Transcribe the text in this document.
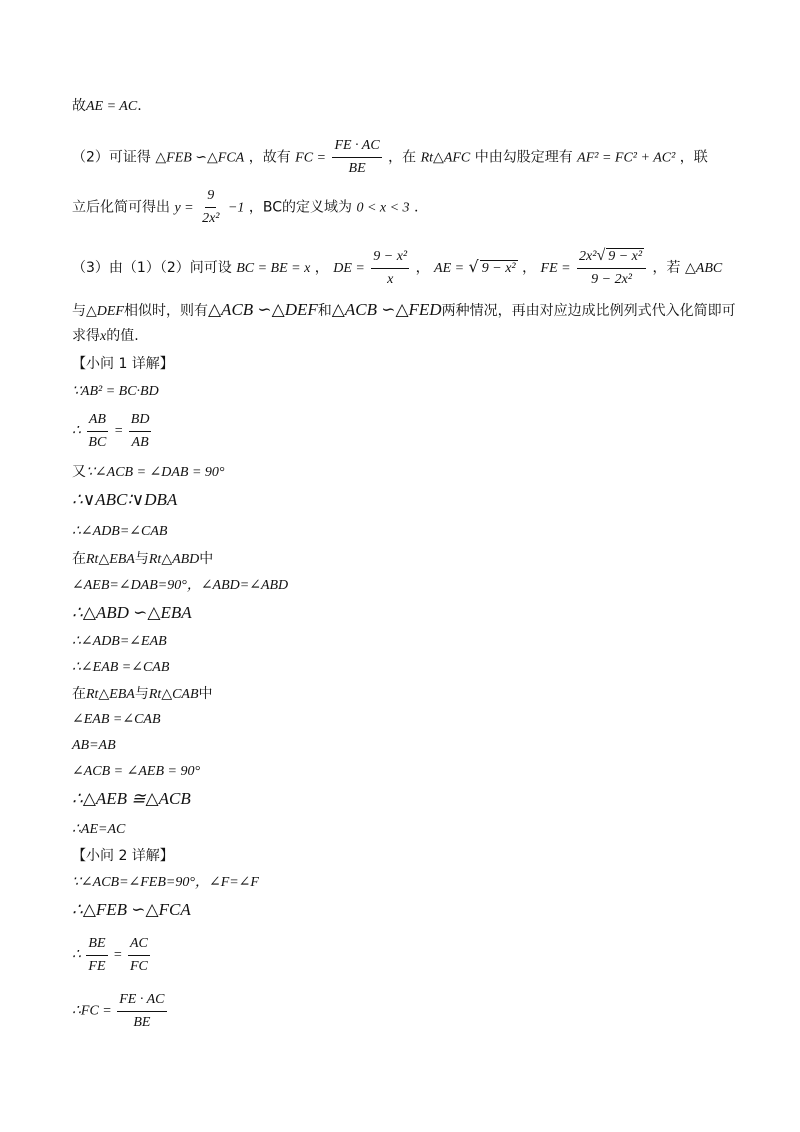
故AE = AC.
（2）可证得 △FEB ∽△FCA ，故有 FC = $\frac{FE \cdot AC}{BE}$ ，在 Rt△AFC 中由勾股定理有 AF² = FC² + AC² ，联
立后化简可得出 $y = \frac{9}{\text{2x²}} -1$ ，BC的定义域为 0 < x < 3 .
（3）由（1）（2）问可设 BC = BE = x ， DE = $\frac{\text{9 − x²}}{x}$ ， AE = √ 9 − x² ， FE = $\frac{\text{2x²√ 9 − x²}}{\text{9 − 2x²}}$ ，若 △ABC
与△DEF相似时，则有△ACB ∽△DEF和△ACB ∽△FED两种情况，再由对应边成比例列式代入化简即可
求得x的值.
【小问 1 详解】
∵AB² = BC·BD
∴ $\frac{AB}{BC} = \frac{BD}{AB}$
又∵∠ACB = ∠DAB = 90°
∴∨ABC∶∨DBA
∴∠ADB=∠CAB
在Rt△EBA与Rt△ABD中
∠AEB=∠DAB=90°，∠ABD=∠ABD
∴△ABD ∽△EBA
∴∠ADB=∠EAB
∴∠EAB =∠CAB
在Rt△EBA与Rt△CAB中
∠EAB =∠CAB
AB=AB
∠ACB = ∠AEB = 90°
∴△AEB ≅△ACB
∴AE=AC
【小问 2 详解】
∵∠ACB=∠FEB=90°，∠F=∠F
∴△FEB ∽△FCA
∴ $\frac{BE}{FE} = \frac{AC}{FC}$
∴FC = $\frac{FE \cdot AC}{BE}$
